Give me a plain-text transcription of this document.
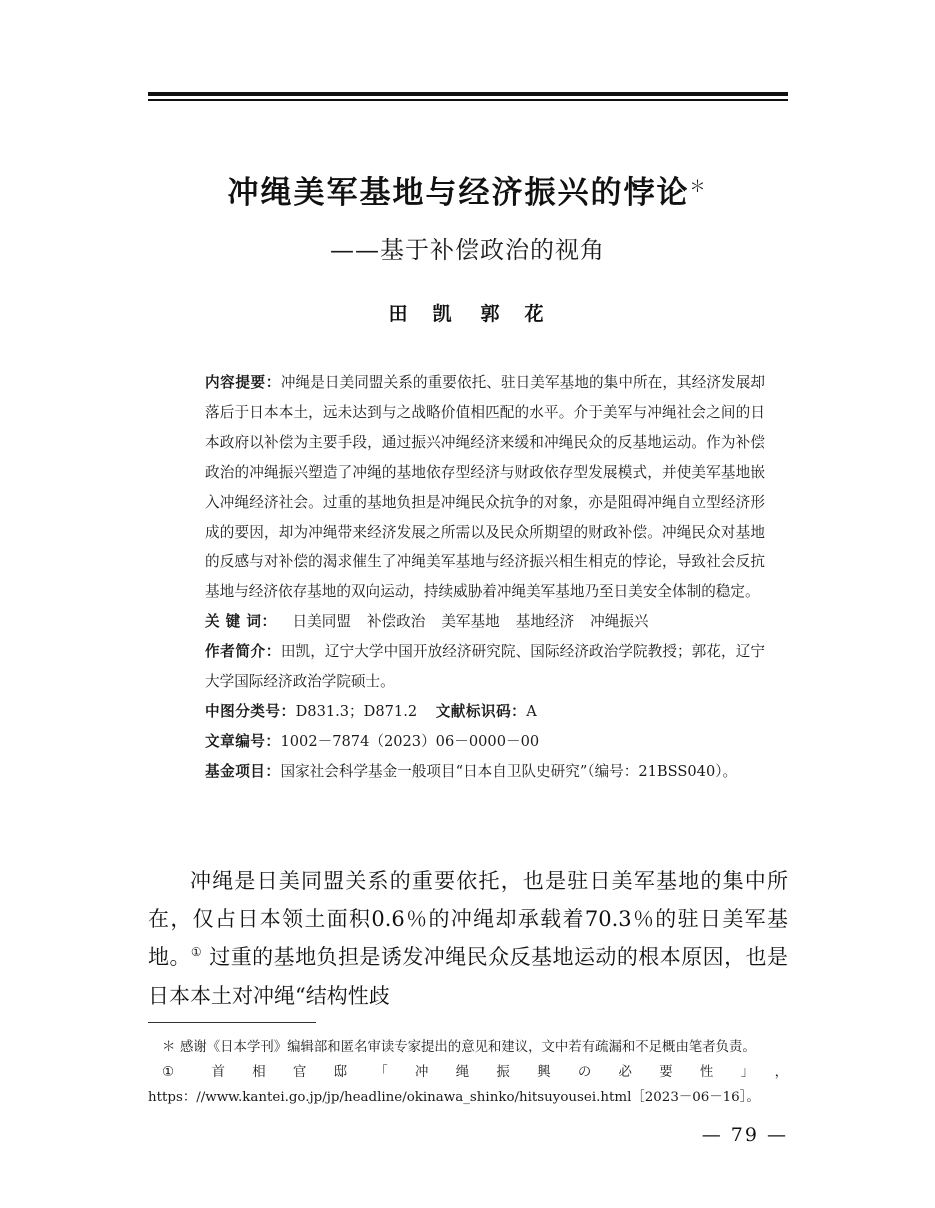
冲绳美军基地与经济振兴的悖论＊
——基于补偿政治的视角
田　凯 郭　花

内容提要：冲绳是日美同盟关系的重要依托、驻日美军基地的集中所在，其经济发展却落后于日本本土，远未达到与之战略价值相匹配的水平。介于美军与冲绳社会之间的日本政府以补偿为主要手段，通过振兴冲绳经济来缓和冲绳民众的反基地运动。作为补偿政治的冲绳振兴塑造了冲绳的基地依存型经济与财政依存型发展模式，并使美军基地嵌入冲绳经济社会。过重的基地负担是冲绳民众抗争的对象，亦是阻碍冲绳自立型经济形成的要因，却为冲绳带来经济发展之所需以及民众所期望的财政补偿。冲绳民众对基地的反感与对补偿的渴求催生了冲绳美军基地与经济振兴相生相克的悖论，导致社会反抗基地与经济依存基地的双向运动，持续威胁着冲绳美军基地乃至日美安全体制的稳定。

关 键 词： 日美同盟 补偿政治 美军基地 基地经济 冲绳振兴

作者简介：田凯，辽宁大学中国开放经济研究院、国际经济政治学院教授；郭花，辽宁大学国际经济政治学院硕士。

中图分类号：D831.3；D871.2 文献标识码：A

文章编号：1002－7874（2023）06－0000－00

基金项目：国家社会科学基金一般项目“日本自卫队史研究”（编号：21BSS040）。

冲绳是日美同盟关系的重要依托，也是驻日美军基地的集中所在，仅占日本领土面积0.6％的冲绳却承载着70.3％的驻日美军基地。① 过重的基地负担是诱发冲绳民众反基地运动的根本原因，也是日本本土对冲绳“结构性歧

＊ 感谢《日本学刊》编辑部和匿名审读专家提出的意见和建议，文中若有疏漏和不足概由笔者负责。

①	首相官邸「冲绳振興の必要性」，https：//www.kantei.go.jp/jp/headline/okinawa_shinko/hitsuyousei.html［2023－06－16］。

— 79 —
